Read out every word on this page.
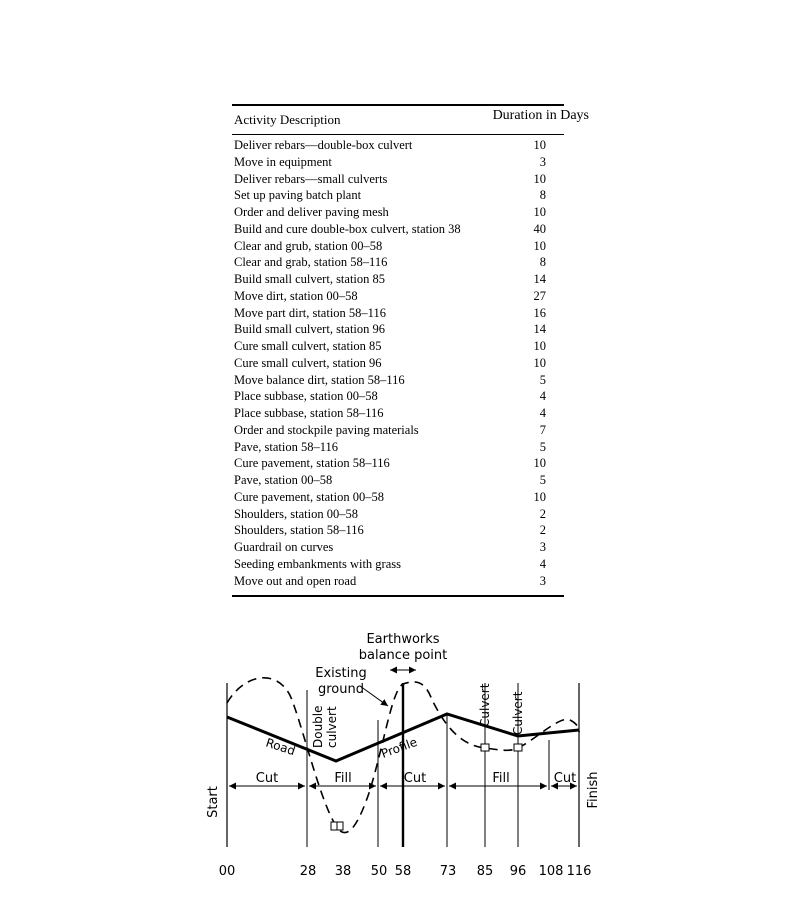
Activity Description	Duration in Days
Deliver rebars—double-box culvert	10
Move in equipment	3
Deliver rebars—small culverts	10
Set up paving batch plant	8
Order and deliver paving mesh	10
Build and cure double-box culvert, station 38	40
Clear and grub, station 00–58	10
Clear and grab, station 58–116	8
Build small culvert, station 85	14
Move dirt, station 00–58	27
Move part dirt, station 58–116	16
Build small culvert, station 96	14
Cure small culvert, station 85	10
Cure small culvert, station 96	10
Move balance dirt, station 58–116	5
Place subbase, station 00–58	4
Place subbase, station 58–116	4
Order and stockpile paving materials	7
Pave, station 58–116	5
Cure pavement, station 58–116	10
Pave, station 00–58	5
Cure pavement, station 00–58	10
Shoulders, station 00–58	2
Shoulders, station 58–116	2
Guardrail on curves	3
Seeding embankments with grass	4
Move out and open road	3
Earthworks
balance point
Existing
ground
Road	Profile
Double culvert
Culvert Culvert
Start	Finish
Cut	Fill	Cut	Fill	Cut
00	28 38 50 58 73 85 96 108 116
